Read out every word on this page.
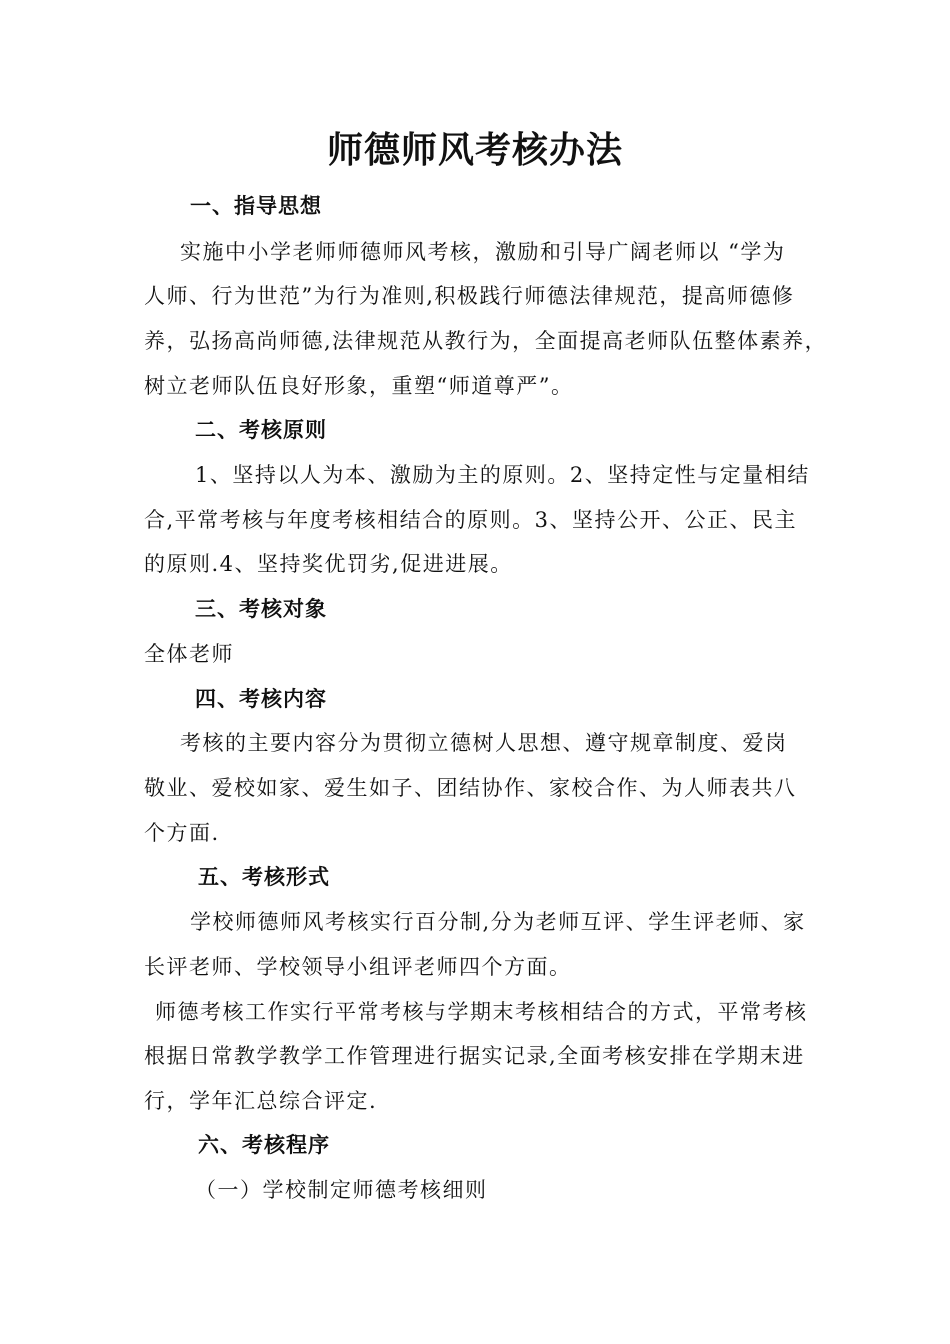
师德师风考核办法
一、指导思想
实施中小学老师师德师风考核，激励和引导广阔老师以 “学为
人师、行为世范”为行为准则,积极践行师德法律规范，提高师德修
养，弘扬高尚师德,法律规范从教行为，全面提高老师队伍整体素养，
树立老师队伍良好形象，重塑“师道尊严”。
二、考核原则
1、坚持以人为本、激励为主的原则。2、坚持定性与定量相结
合,平常考核与年度考核相结合的原则。3、坚持公开、公正、民主
的原则.4、坚持奖优罚劣,促进进展。
三、考核对象
全体老师
四、考核内容
考核的主要内容分为贯彻立德树人思想、遵守规章制度、爱岗
敬业、爱校如家、爱生如子、团结协作、家校合作、为人师表共八
个方面.
五、考核形式
学校师德师风考核实行百分制,分为老师互评、学生评老师、家
长评老师、学校领导小组评老师四个方面。
师德考核工作实行平常考核与学期末考核相结合的方式，平常考核
根据日常教学教学工作管理进行据实记录,全面考核安排在学期末进
行，学年汇总综合评定.
六、考核程序
（一）学校制定师德考核细则
